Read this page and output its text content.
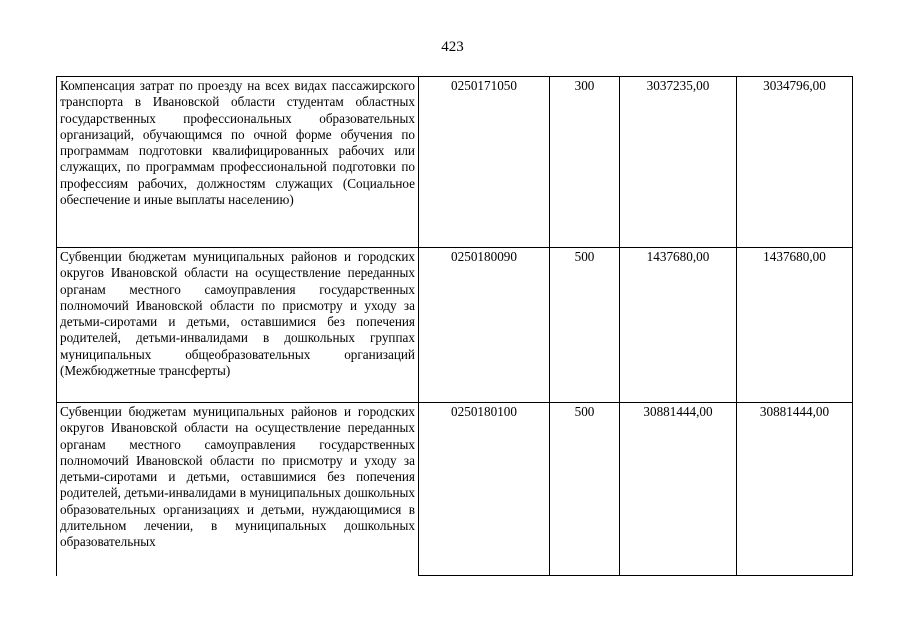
423
Компенсация затрат по проезду на всех видах пассажирского транспорта в Ивановской области студентам областных государственных профессиональных образовательных организаций, обучающимся по очной форме обучения по программам подготовки квалифицированных рабочих или служащих, по программам профессиональной подготовки по профессиям рабочих, должностям служащих (Социальное обеспечение и иные выплаты населению)	0250171050	300	3037235,00	3034796,00
Субвенции бюджетам муниципальных районов и городских округов Ивановской области на осуществление переданных органам местного самоуправления государственных полномочий Ивановской области по присмотру и уходу за детьми-сиротами и детьми, оставшимися без попечения родителей, детьми-инвалидами в дошкольных группах муниципальных общеобразовательных организаций (Межбюджетные трансферты)	0250180090	500	1437680,00	1437680,00
Субвенции бюджетам муниципальных районов и городских округов Ивановской области на осуществление переданных органам местного самоуправления государственных полномочий Ивановской области по присмотру и уходу за детьми-сиротами и детьми, оставшимися без попечения родителей, детьми-инвалидами в муниципальных дошкольных образовательных организациях и детьми, нуждающимися в длительном лечении, в муниципальных дошкольных образовательных	0250180100	500	30881444,00	30881444,00
